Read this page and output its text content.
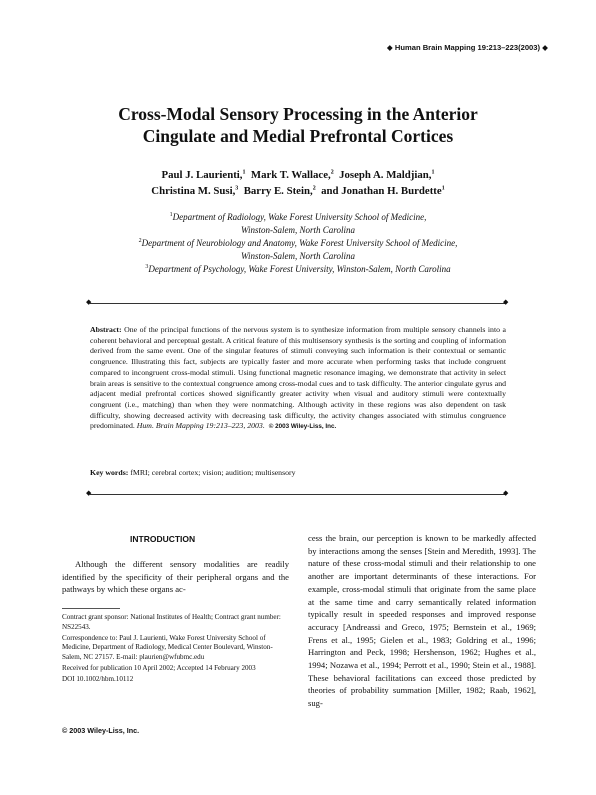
◆ Human Brain Mapping 19:213–223(2003) ◆
Cross-Modal Sensory Processing in the Anterior
Cingulate and Medial Prefrontal Cortices
Paul J. Laurienti,$^1$ Mark T. Wallace,$^2$ Joseph A. Maldjian,$^1$
Christina M. Susi,$^3$ Barry E. Stein,$^2$ and Jonathan H. Burdette$^1$
$^1$Department of Radiology, Wake Forest University School of Medicine,
Winston-Salem, North Carolina
$^2$Department of Neurobiology and Anatomy, Wake Forest University School of Medicine,
Winston-Salem, North Carolina
$^3$Department of Psychology, Wake Forest University, Winston-Salem, North Carolina
◆	◆
Abstract: One of the principal functions of the nervous system is to synthesize information from multiple sensory channels into a coherent behavioral and perceptual gestalt. A critical feature of this multisensory synthesis is the sorting and coupling of information derived from the same event. One of the singular features of stimuli conveying such information is their contextual or semantic congruence. Illustrating this fact, subjects are typically faster and more accurate when performing tasks that include congruent compared to incongruent cross-modal stimuli. Using functional magnetic resonance imaging, we demonstrate that activity in select brain areas is sensitive to the contextual congruence among cross-modal cues and to task difficulty. The anterior cingulate gyrus and adjacent medial prefrontal cortices showed significantly greater activity when visual and auditory stimuli were contextually congruent (i.e., matching) than when they were nonmatching. Although activity in these regions was also dependent on task difficulty, showing decreased activity with decreasing task difficulty, the activity changes associated with stimulus congruence predominated. Hum. Brain Mapping 19:213–223, 2003. © 2003 Wiley-Liss, Inc.
Key words: fMRI; cerebral cortex; vision; audition; multisensory
◆	◆
INTRODUCTION

Although the different sensory modalities are readily identified by the specificity of their peripheral organs and the pathways by which these organs ac-

Contract grant sponsor: National Institutes of Health; Contract grant number: NS22543.

Correspondence to: Paul J. Laurienti, Wake Forest University School of Medicine, Department of Radiology, Medical Center Boulevard, Winston-Salem, NC 27157. E-mail: plaurien@wfubmc.edu

Received for publication 10 April 2002; Accepted 14 February 2003

DOI 10.1002/hbm.10112

cess the brain, our perception is known to be markedly affected by interactions among the senses [Stein and Meredith, 1993]. The nature of these cross-modal stimuli and their relationship to one another are important determinants of these interactions. For example, cross-modal stimuli that originate from the same place at the same time and carry semantically related information typically result in speeded responses and improved response accuracy [Andreassi and Greco, 1975; Bernstein et al., 1969; Frens et al., 1995; Gielen et al., 1983; Goldring et al., 1996; Harrington and Peck, 1998; Hershenson, 1962; Hughes et al., 1994; Nozawa et al., 1994; Perrott et al., 1990; Stein et al., 1988]. These behavioral facilitations can exceed those predicted by theories of probability summation [Miller, 1982; Raab, 1962], sug-

© 2003 Wiley-Liss, Inc.
